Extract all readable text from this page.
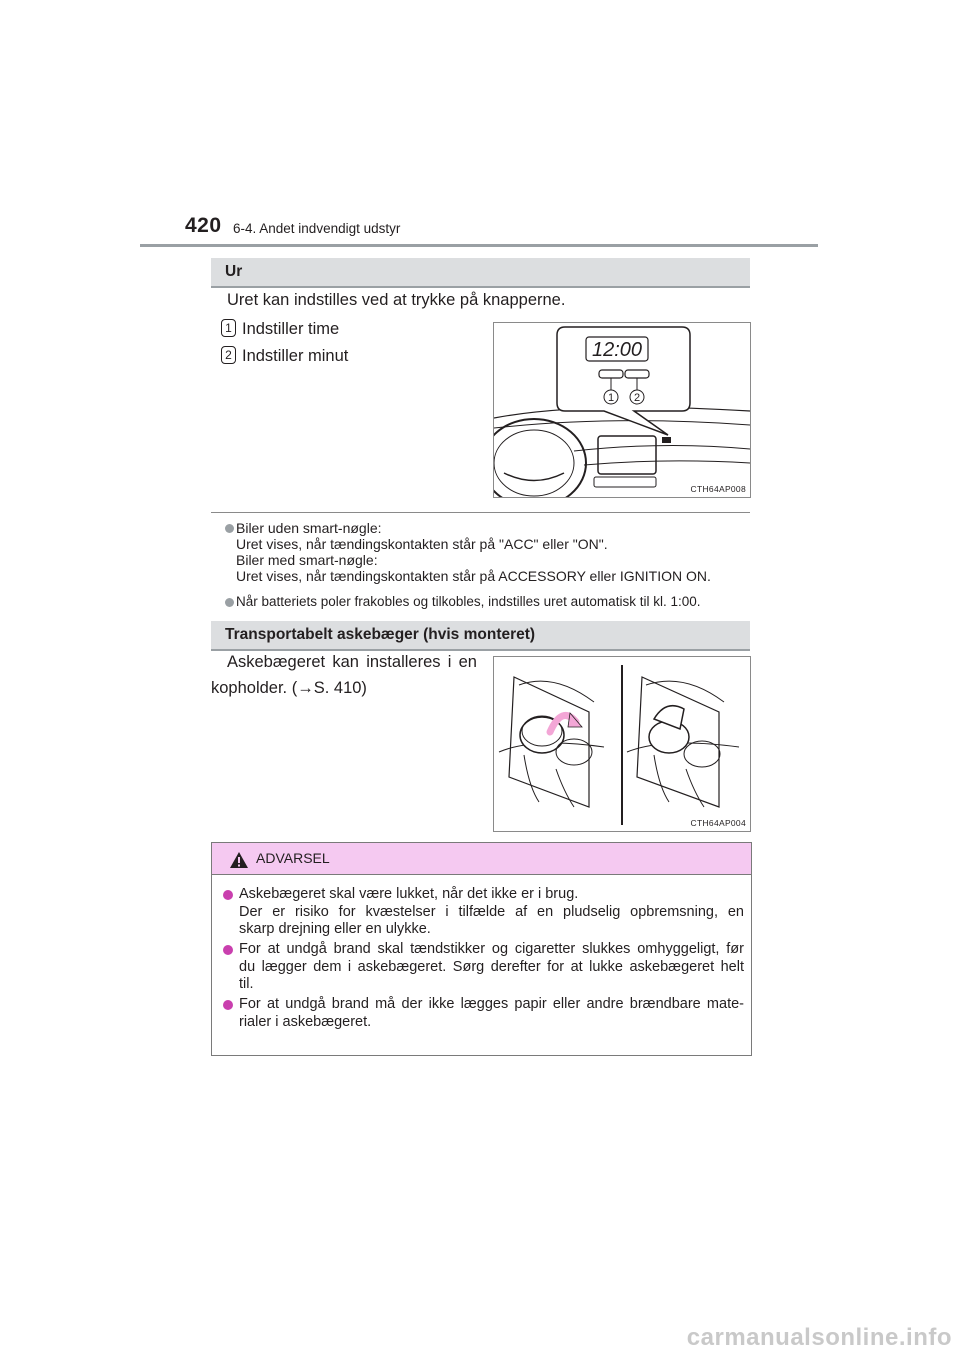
420 6-4. Andet indvendigt udstyr
Ur
Uret kan indstilles ved at trykke på knapperne.
1 Indstiller time
2 Indstiller minut	12:00
1 2
CTH64AP008
Biler uden smart-nøgle:
Uret vises, når tændingskontakten står på "ACC" eller "ON".
Biler med smart-nøgle:
Uret vises, når tændingskontakten står på ACCESSORY eller IGNITION ON.
Når batteriets poler frakobles og tilkobles, indstilles uret automatisk til kl. 1:00.
Transportabelt askebæger (hvis monteret)
Askebægeret kan installeres i en
kopholder. (→S. 410)
CTH64AP004
ADVARSEL
Askebægeret skal være lukket, når det ikke er i brug.
Der er risiko for kvæstelser i tilfælde af en pludselig opbremsning, en
skarp drejning eller en ulykke.
For at undgå brand skal tændstikker og cigaretter slukkes omhyggeligt, før
du lægger dem i askebægeret. Sørg derefter for at lukke askebægeret helt
til.
For at undgå brand må der ikke lægges papir eller andre brændbare mate-
rialer i askebægeret.
carmanualsonline.info
